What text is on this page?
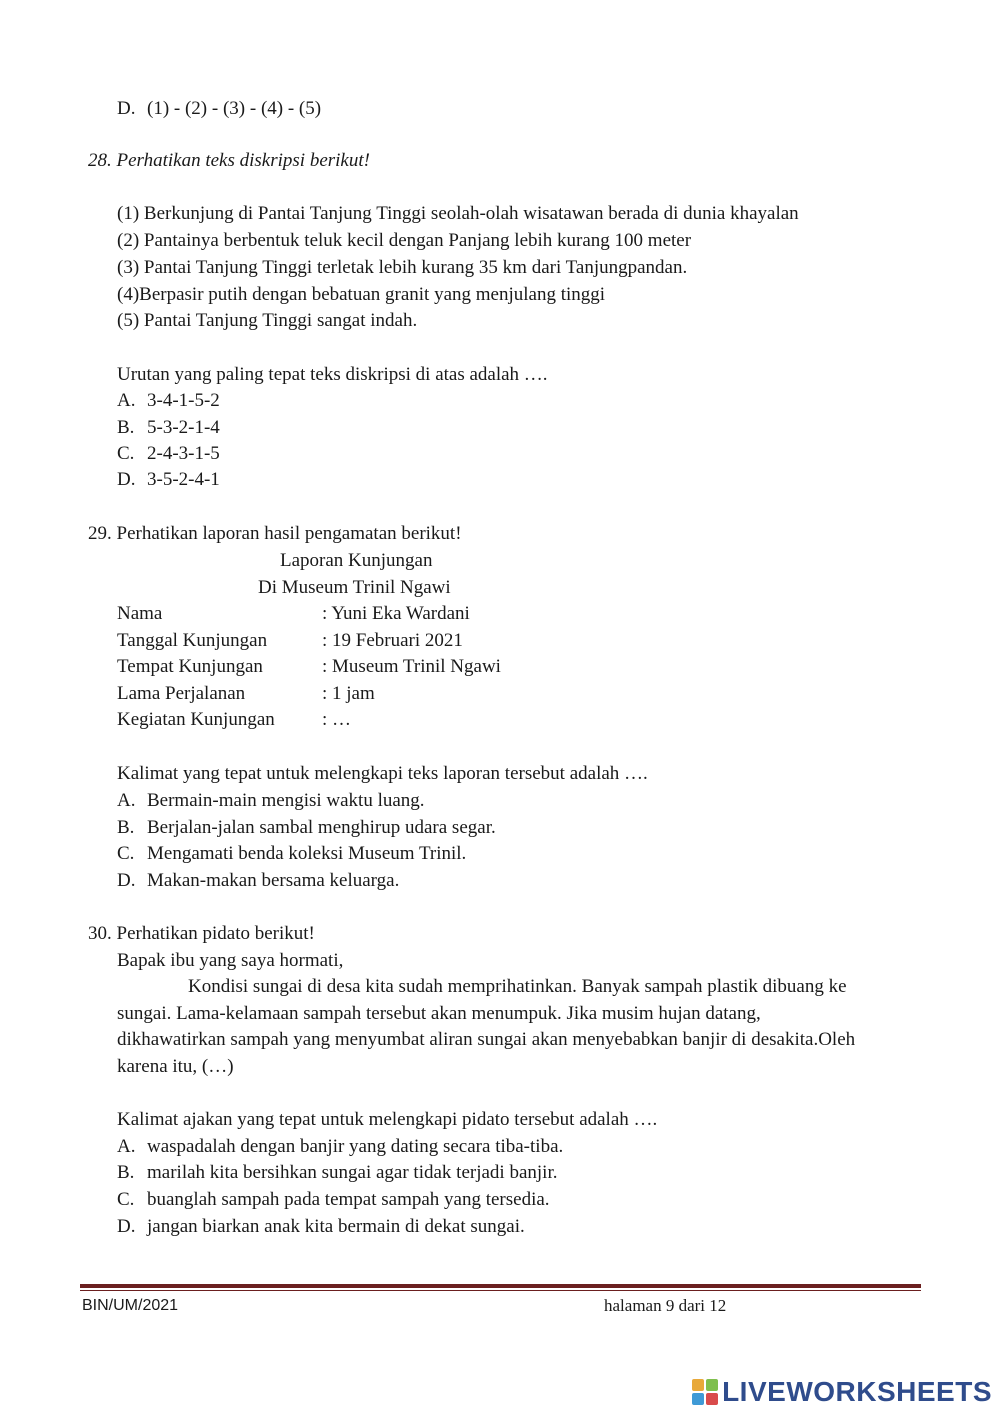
D. (1) - (2) - (3) - (4) - (5)
28. Perhatikan teks diskripsi berikut!
(1) Berkunjung di Pantai Tanjung Tinggi seolah-olah wisatawan berada di dunia khayalan
(2) Pantainya berbentuk teluk kecil dengan Panjang lebih kurang 100 meter
(3) Pantai Tanjung Tinggi terletak lebih kurang 35 km dari Tanjungpandan.
(4)Berpasir putih dengan bebatuan granit yang menjulang tinggi
(5) Pantai Tanjung Tinggi sangat indah.
Urutan yang paling tepat teks diskripsi di atas adalah ….
A. 3-4-1-5-2
B. 5-3-2-1-4
C. 2-4-3-1-5
D. 3-5-2-4-1
29. Perhatikan laporan hasil pengamatan berikut!
Laporan Kunjungan
Di Museum Trinil Ngawi
Nama	: Yuni Eka Wardani
Tanggal Kunjungan	: 19 Februari 2021
Tempat Kunjungan	: Museum Trinil Ngawi
Lama Perjalanan	: 1 jam
Kegiatan Kunjungan : …
Kalimat yang tepat untuk melengkapi teks laporan tersebut adalah ….
A. Bermain-main mengisi waktu luang.
B. Berjalan-jalan sambal menghirup udara segar.
C. Mengamati benda koleksi Museum Trinil.
D. Makan-makan bersama keluarga.
30. Perhatikan pidato berikut!
Bapak ibu yang saya hormati,
Kondisi sungai di desa kita sudah memprihatinkan. Banyak sampah plastik dibuang ke
sungai. Lama-kelamaan sampah tersebut akan menumpuk. Jika musim hujan datang,
dikhawatirkan sampah yang menyumbat aliran sungai akan menyebabkan banjir di desakita.Oleh
karena itu, (…)
Kalimat ajakan yang tepat untuk melengkapi pidato tersebut adalah ….
A. waspadalah dengan banjir yang dating secara tiba-tiba.
B. marilah kita bersihkan sungai agar tidak terjadi banjir.
C. buanglah sampah pada tempat sampah yang tersedia.
D. jangan biarkan anak kita bermain di dekat sungai.
BIN/UM/2021	halaman 9 dari 12
LIVEWORKSHEETS
